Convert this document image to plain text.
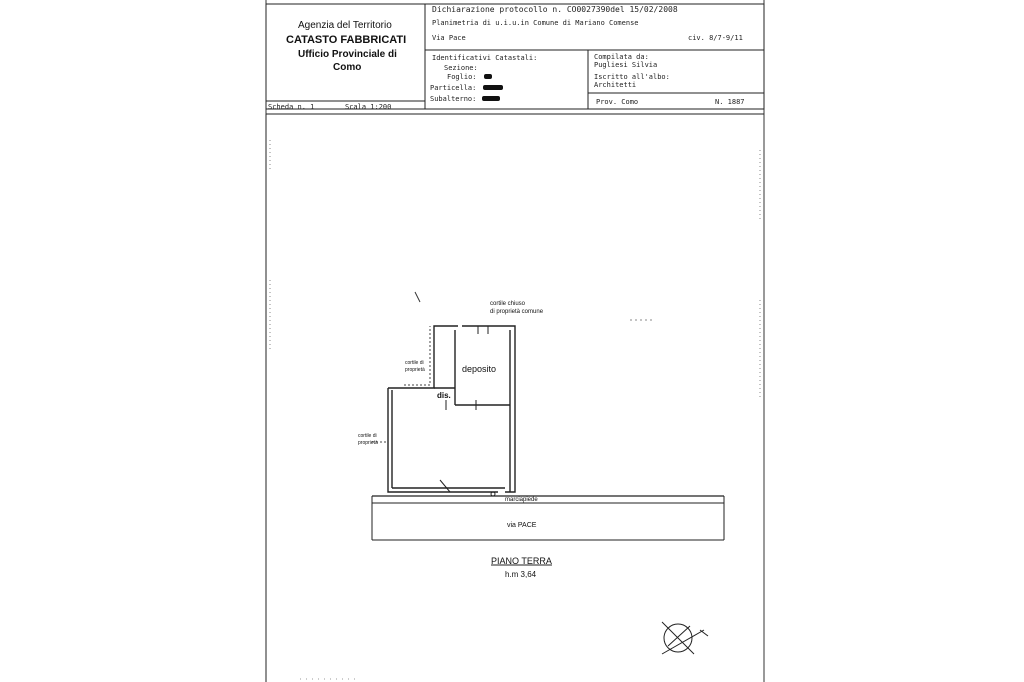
Agenzia del Territorio
CATASTO FABBRICATI
Ufficio Provinciale di
Como
Dichiarazione protocollo n. CO0027390del 15/02/2008
Planimetria di u.i.u.in Comune di Mariano Comense
Via Pace	civ. 8/7-9/11
Identificativi Catastali:
Sezione:
Foglio:
Particella:
Subalterno:
Compilata da:
Pugliesi Silvia
Iscritto all'albo:
Architetti
Prov. Como	N. 1887
Scheda n. 1	Scala 1:200
cortile chiuso
di proprietà comune
deposito
dis.
cortile di
proprietà
cortile di
proprietà
marciapiede
via PACE
PIANO TERRA
h.m 3,64
